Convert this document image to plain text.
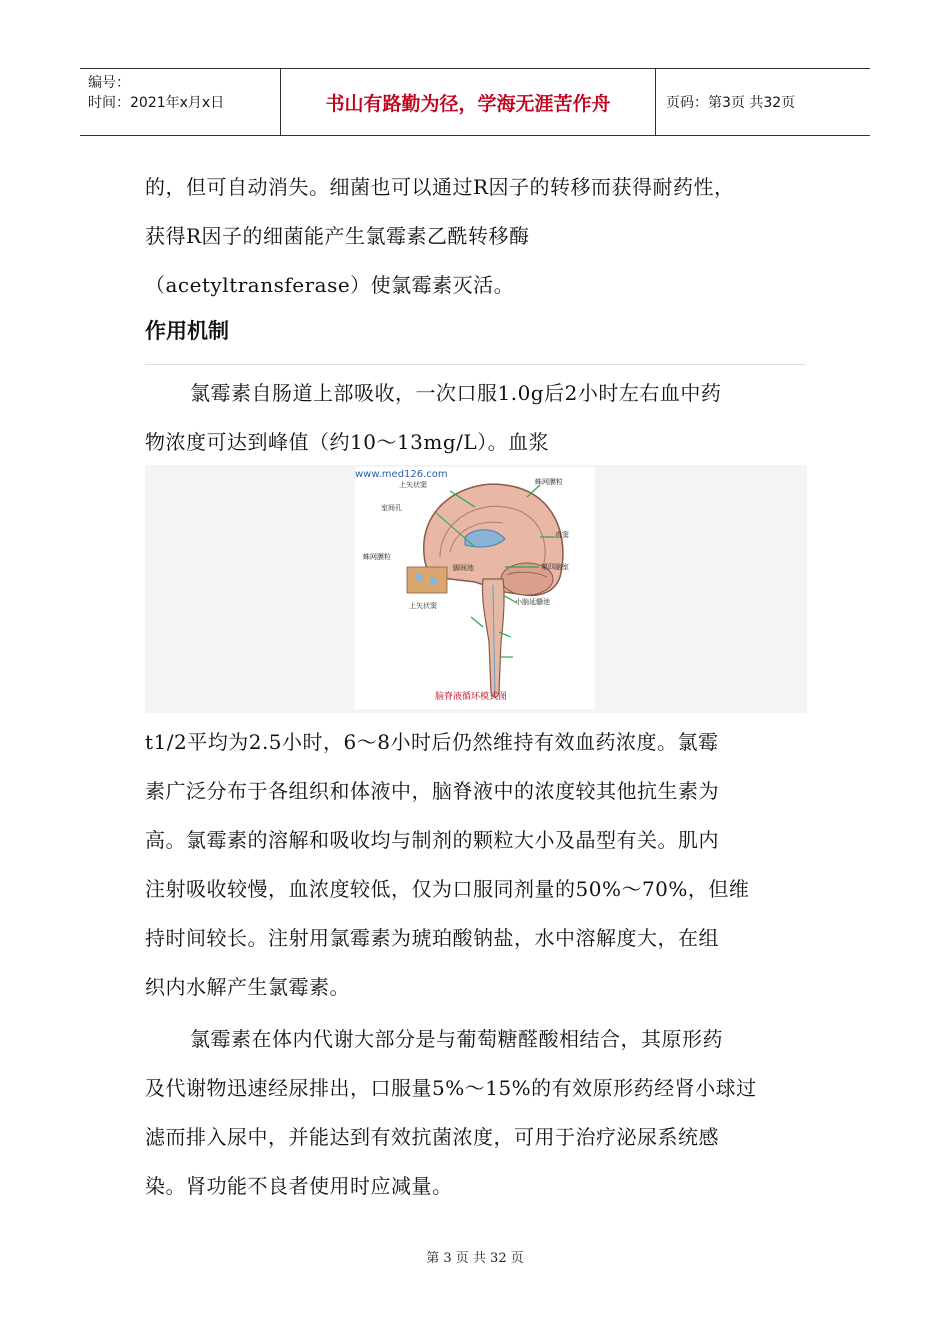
编号：
时间：2021年x月x日	书山有路勤为径，学海无涯苦作舟	页码：第3页 共32页

的，但可自动消失。细菌也可以通过R因子的转移而获得耐药性，

获得R因子的细菌能产生氯霉素乙酰转移酶

（acetyltransferase）使氯霉素灭活。

作用机制

氯霉素自肠道上部吸收，一次口服1.0g后2小时左右血中药

物浓度可达到峰值（约10～13mg/L）。血浆

www.med126.com
上矢状窦	蛛网膜粒
室间孔
直窦
蛛网膜粒
脚间池	第四脑室
小脑延髓池
上矢状窦
脑脊液循环模式图

t1/2平均为2.5小时，6～8小时后仍然维持有效血药浓度。氯霉

素广泛分布于各组织和体液中，脑脊液中的浓度较其他抗生素为

高。氯霉素的溶解和吸收均与制剂的颗粒大小及晶型有关。肌内

注射吸收较慢，血浓度较低，仅为口服同剂量的50%～70%，但维

持时间较长。注射用氯霉素为琥珀酸钠盐，水中溶解度大，在组

织内水解产生氯霉素。

氯霉素在体内代谢大部分是与葡萄糖醛酸相结合，其原形药

及代谢物迅速经尿排出，口服量5%～15%的有效原形药经肾小球过

滤而排入尿中，并能达到有效抗菌浓度，可用于治疗泌尿系统感

染。肾功能不良者使用时应减量。

第 3 页 共 32 页
